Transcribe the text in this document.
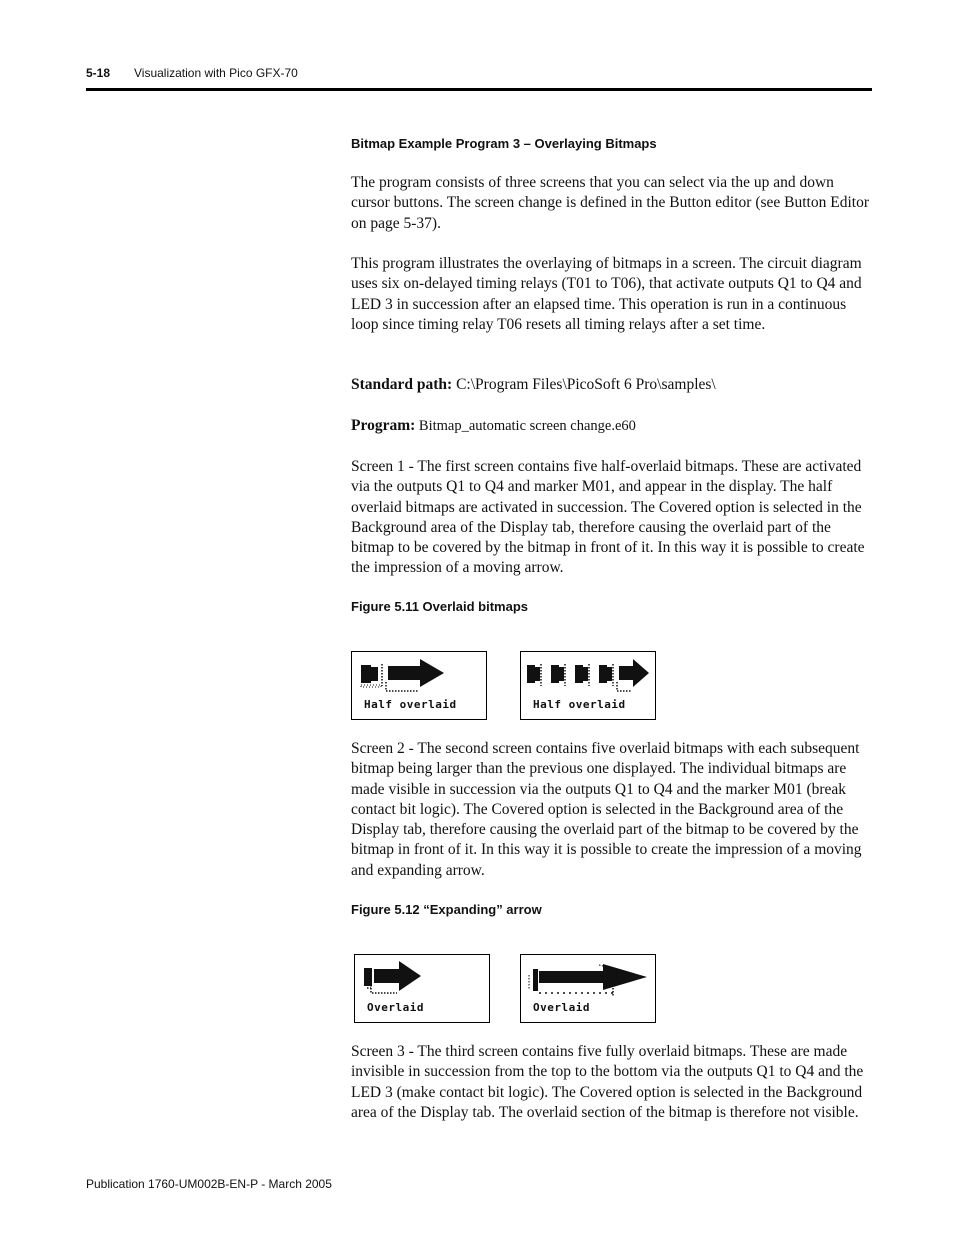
5-18 Visualization with Pico GFX-70
Bitmap Example Program 3 – Overlaying Bitmaps

The program consists of three screens that you can select via the up and down cursor buttons. The screen change is defined in the Button editor (see Button Editor on page 5-37).

This program illustrates the overlaying of bitmaps in a screen. The circuit diagram uses six on-delayed timing relays (T01 to T06), that activate outputs Q1 to Q4 and LED 3 in succession after an elapsed time. This operation is run in a continuous loop since timing relay T06 resets all timing relays after a set time.

Standard path: C:\Program Files\PicoSoft 6 Pro\samples\

Program: Bitmap_automatic screen change.e60

Screen 1 - The first screen contains five half-overlaid bitmaps. These are activated via the outputs Q1 to Q4 and marker M01, and appear in the display. The half overlaid bitmaps are activated in succession. The Covered option is selected in the Background area of the Display tab, therefore causing the overlaid part of the bitmap to be covered by the bitmap in front of it. In this way it is possible to create the impression of a moving arrow.

Figure 5.11 Overlaid bitmaps
Half overlaid	Half overlaid

Screen 2 - The second screen contains five overlaid bitmaps with each subsequent bitmap being larger than the previous one displayed. The individual bitmaps are made visible in succession via the outputs Q1 to Q4 and the marker M01 (break contact bit logic). The Covered option is selected in the Background area of the Display tab, therefore causing the overlaid part of the bitmap to be covered by the bitmap in front of it. In this way it is possible to create the impression of a moving and expanding arrow.

Figure 5.12 “Expanding” arrow
Overlaid	Overlaid

Screen 3 - The third screen contains five fully overlaid bitmaps. These are made invisible in succession from the top to the bottom via the outputs Q1 to Q4 and the LED 3 (make contact bit logic). The Covered option is selected in the Background area of the Display tab. The overlaid section of the bitmap is therefore not visible.

Publication 1760-UM002B-EN-P - March 2005
